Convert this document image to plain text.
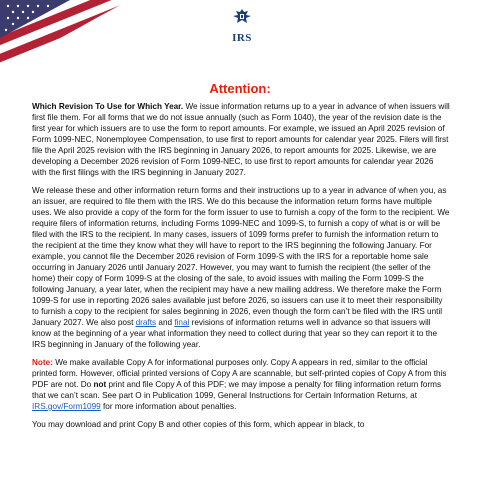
IRS
Attention:

Which Revision To Use for Which Year. We issue information returns up to a year in advance of when issuers will first file them. For all forms that we do not issue annually (such as Form 1040), the year of the revision date is the first year for which issuers are to use the form to report amounts. For example, we issued an April 2025 revision of Form 1099-NEC, Nonemployee Compensation, to use first to report amounts for calendar year 2025. Filers will first file the April 2025 revision with the IRS beginning in January 2026, to report amounts for 2025. Likewise, we are developing a December 2026 revision of Form 1099-NEC, to use first to report amounts for calendar year 2026 with the first filings with the IRS beginning in January 2027.

We release these and other information return forms and their instructions up to a year in advance of when you, as an issuer, are required to file them with the IRS. We do this because the information return forms have multiple uses. We also provide a copy of the form for the form issuer to use to furnish a copy of the form to the recipient. We require filers of information returns, including Forms 1099-NEC and 1099-S, to furnish a copy of what is or will be filed with the IRS to the recipient. In many cases, issuers of 1099 forms prefer to furnish the information return to the recipient at the time they know what they will have to report to the IRS beginning the following January. For example, you cannot file the December 2026 revision of Form 1099-S with the IRS for a reportable home sale occurring in January 2026 until January 2027. However, you may want to furnish the recipient (the seller of the home) their copy of Form 1099-S at the closing of the sale, to avoid issues with mailing the Form 1099-S the following January, a year later, when the recipient may have a new mailing address. We therefore make the Form 1099-S for use in reporting 2026 sales available just before 2026, so issuers can use it to meet their responsibility to furnish a copy to the recipient for sales beginning in 2026, even though the form can’t be filed with the IRS until January 2027. We also post drafts and final revisions of information returns well in advance so that issuers will know at the beginning of a year what information they need to collect during that year so they can report it to the IRS beginning in January of the following year.

Note: We make available Copy A for informational purposes only. Copy A appears in red, similar to the official printed form. However, official printed versions of Copy A are scannable, but self-printed copies of Copy A from this PDF are not. Do not print and file Copy A of this PDF; we may impose a penalty for filing information return forms that we can’t scan. See part O in Publication 1099, General Instructions for Certain Information Returns, at IRS.gov/Form1099 for more information about penalties.

You may download and print Copy B and other copies of this form, which appear in black, to
